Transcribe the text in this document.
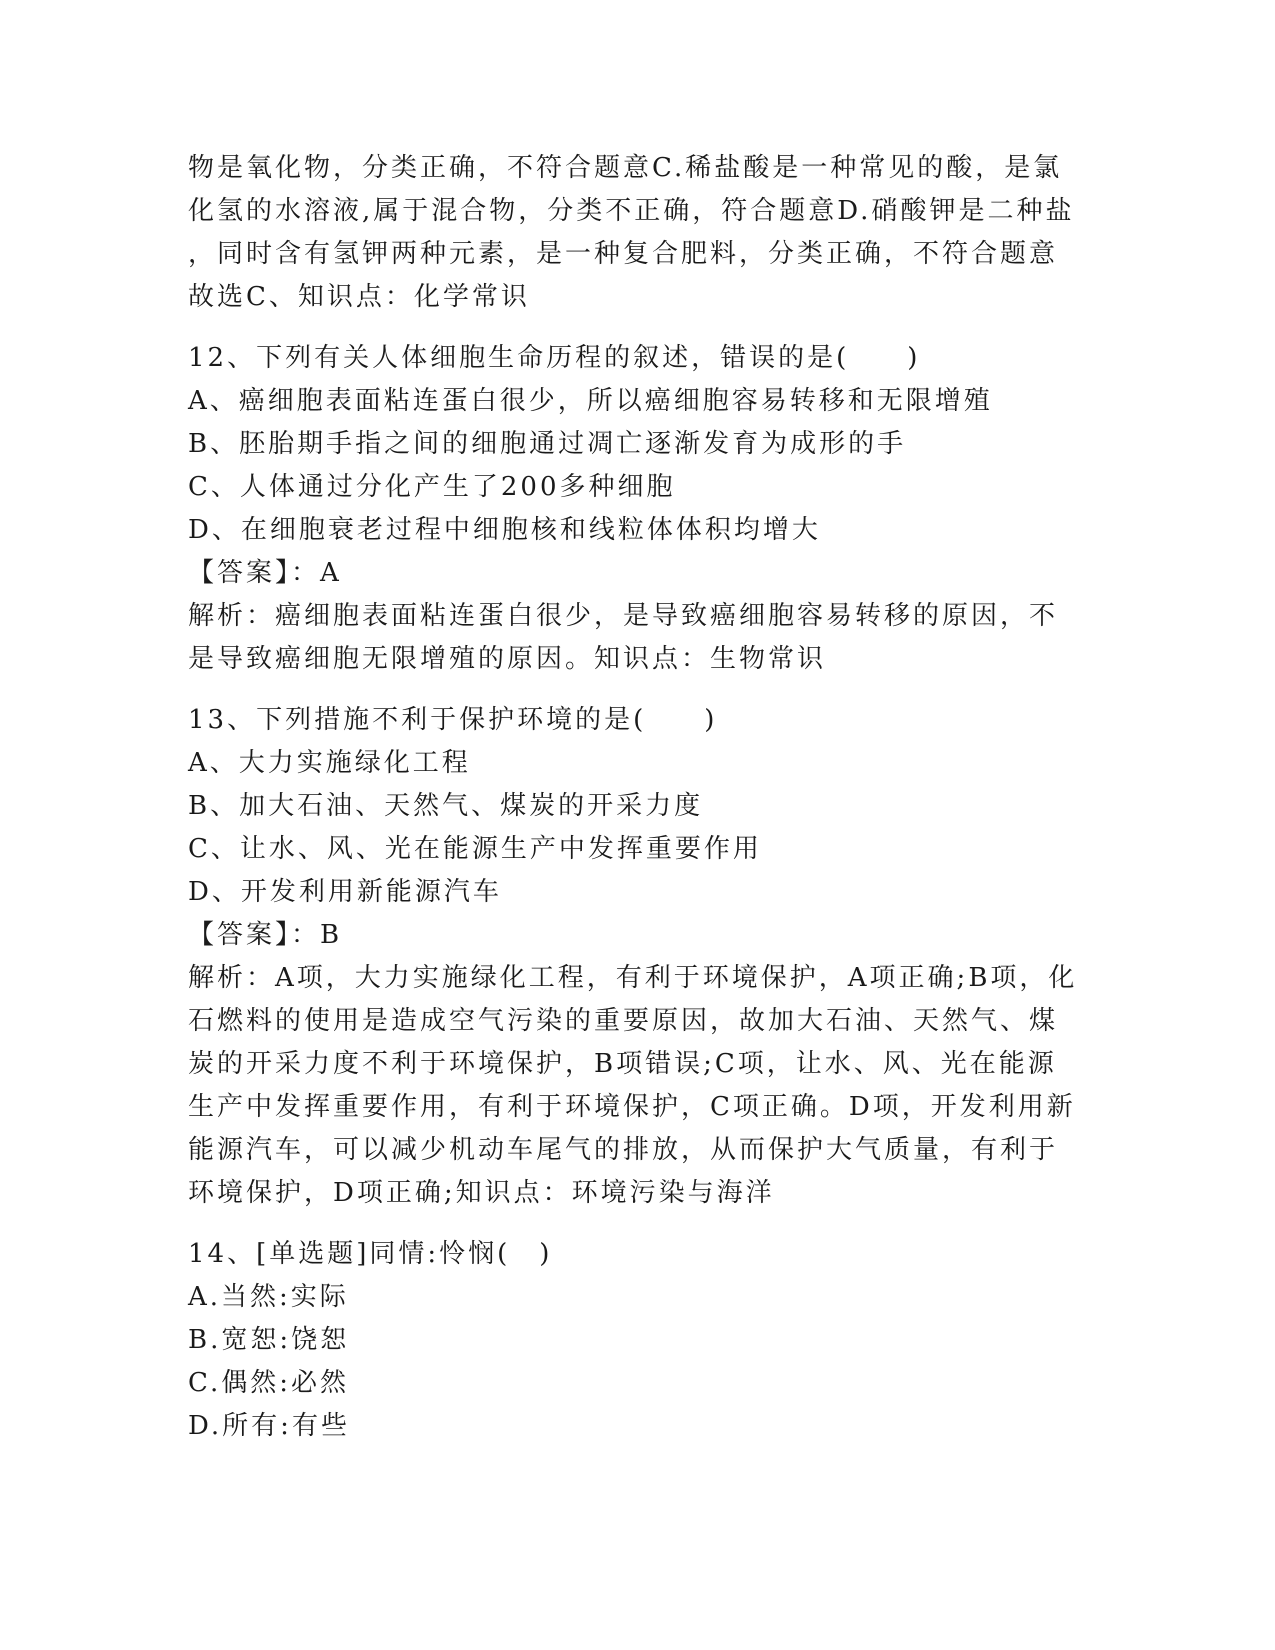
物是氧化物，分类正确，不符合题意C.稀盐酸是一种常见的酸，是氯
化氢的水溶液,属于混合物，分类不正确，符合题意D.硝酸钾是二种盐
，同时含有氢钾两种元素，是一种复合肥料，分类正确，不符合题意
故选C、知识点：化学常识
12、下列有关人体细胞生命历程的叙述，错误的是(　　)
A、癌细胞表面粘连蛋白很少，所以癌细胞容易转移和无限增殖
B、胚胎期手指之间的细胞通过凋亡逐渐发育为成形的手
C、人体通过分化产生了200多种细胞
D、在细胞衰老过程中细胞核和线粒体体积均增大
【答案】：A
解析：癌细胞表面粘连蛋白很少，是导致癌细胞容易转移的原因，不
是导致癌细胞无限增殖的原因。知识点：生物常识
13、下列措施不利于保护环境的是(　　)
A、大力实施绿化工程
B、加大石油、天然气、煤炭的开采力度
C、让水、风、光在能源生产中发挥重要作用
D、开发利用新能源汽车
【答案】：B
解析：A项，大力实施绿化工程，有利于环境保护，A项正确;B项，化
石燃料的使用是造成空气污染的重要原因，故加大石油、天然气、煤
炭的开采力度不利于环境保护，B项错误;C项，让水、风、光在能源
生产中发挥重要作用，有利于环境保护，C项正确。D项，开发利用新
能源汽车，可以减少机动车尾气的排放，从而保护大气质量，有利于
环境保护，D项正确;知识点：环境污染与海洋
14、[单选题]同情:怜悯(　)
A.当然:实际
B.宽恕:饶恕
C.偶然:必然
D.所有:有些
